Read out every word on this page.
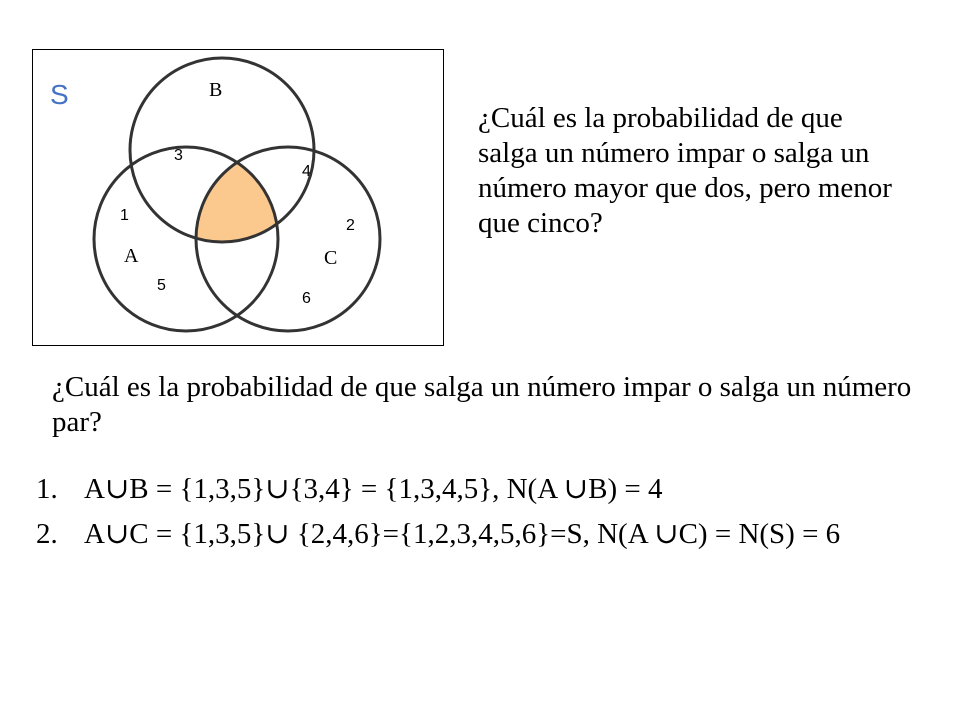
S	B
A	C
3
4
1
2
5
6
¿Cuál es la probabilidad de que salga un número impar o salga un número mayor que dos, pero menor que cinco?
¿Cuál es la probabilidad de que salga un número impar o salga un número par?
1. A∪B = {1,3,5}∪{3,4} = {1,3,4,5}, N(A ∪B) = 4
2. A∪C = {1,3,5}∪ {2,4,6}={1,2,3,4,5,6}=S, N(A ∪C) = N(S) = 6
